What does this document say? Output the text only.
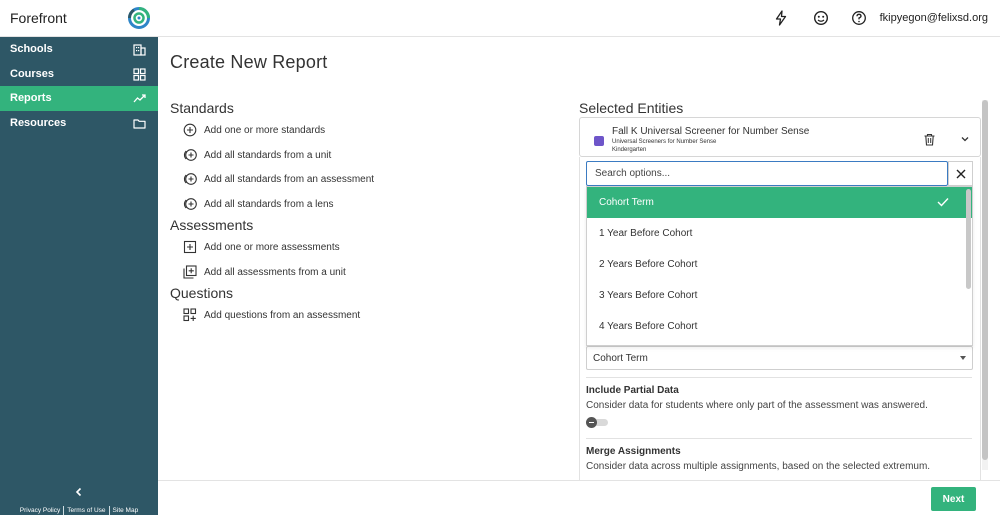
Forefront	fkipyegon@felixsd.org
Schools
Courses
Reports
Resources
Privacy Policy	Terms of Use	Site Map
Create New Report
Standards
Add one or more standards
Add all standards from a unit
Add all standards from an assessment
Add all standards from a lens
Assessments
Add one or more assessments
Add all assessments from a unit
Questions
Add questions from an assessment
Selected Entities
Fall K Universal Screener for Number Sense
Universal Screeners for Number Sense
Kindergarten
Cohort Term
Include Partial Data
Consider data for students where only part of the assessment was answered.
Merge Assignments
Consider data across multiple assignments, based on the selected extremum.
Search options...
Cohort Term
1 Year Before Cohort
2 Years Before Cohort
3 Years Before Cohort
4 Years Before Cohort
Next
